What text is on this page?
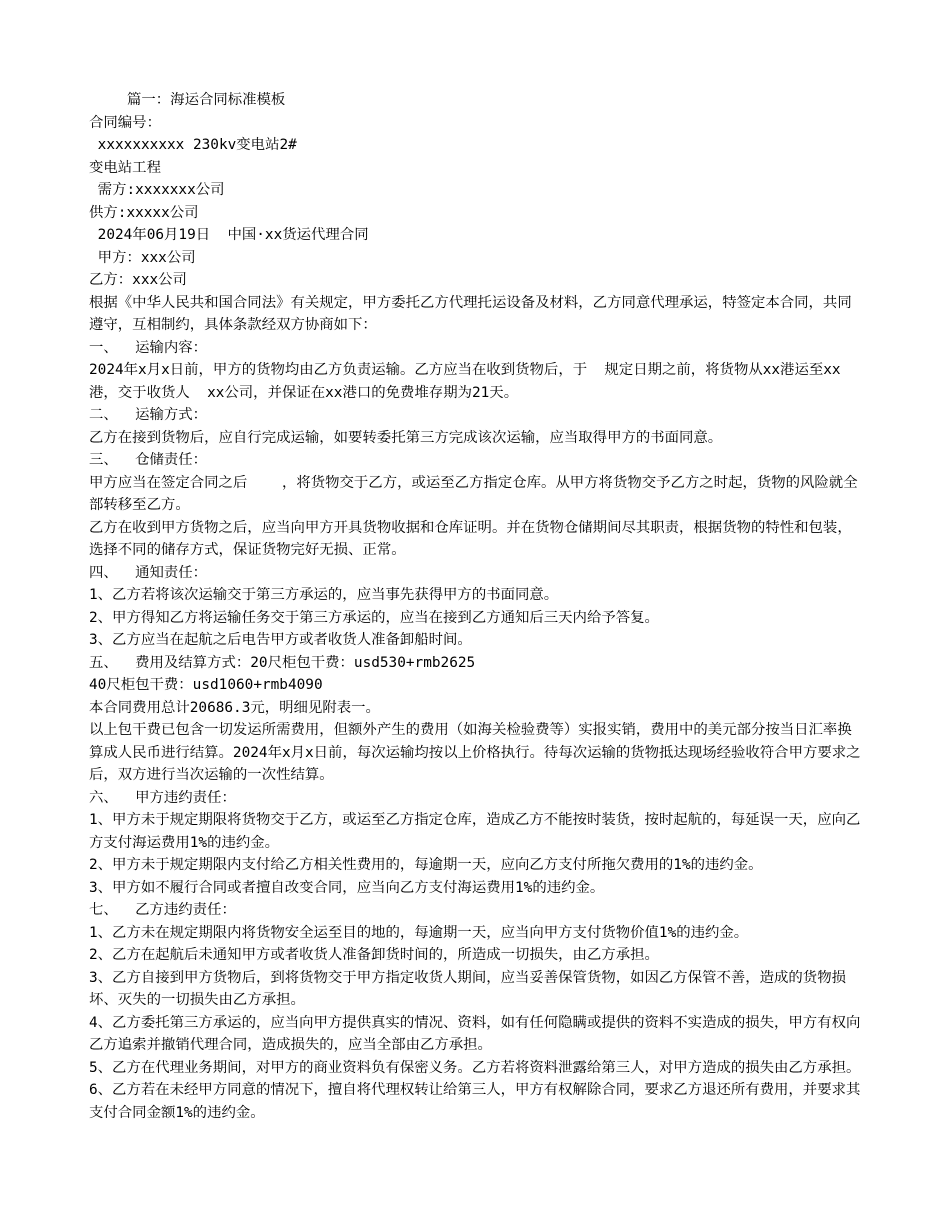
篇一：海运合同标准模板

合同编号：

xxxxxxxxxx 230kv变电站2#

变电站工程

需方:xxxxxxx公司

供方:xxxxx公司

2024年06月19日  中国·xx货运代理合同

甲方：xxx公司

乙方：xxx公司

根据《中华人民共和国合同法》有关规定，甲方委托乙方代理托运设备及材料，乙方同意代理承运，特签定本合同，共同遵守，互相制约，具体条款经双方协商如下：

一、  运输内容：

2024年x月x日前，甲方的货物均由乙方负责运输。乙方应当在收到货物后，于  规定日期之前，将货物从xx港运至xx港，交于收货人  xx公司，并保证在xx港口的免费堆存期为21天。

二、  运输方式：

乙方在接到货物后，应自行完成运输，如要转委托第三方完成该次运输，应当取得甲方的书面同意。

三、  仓储责任：

甲方应当在签定合同之后    ，将货物交于乙方，或运至乙方指定仓库。从甲方将货物交予乙方之时起，货物的风险就全部转移至乙方。

乙方在收到甲方货物之后，应当向甲方开具货物收据和仓库证明。并在货物仓储期间尽其职责，根据货物的特性和包装，选择不同的储存方式，保证货物完好无损、正常。

四、  通知责任：

1、乙方若将该次运输交于第三方承运的，应当事先获得甲方的书面同意。

2、甲方得知乙方将运输任务交于第三方承运的，应当在接到乙方通知后三天内给予答复。

3、乙方应当在起航之后电告甲方或者收货人准备卸船时间。

五、  费用及结算方式：20尺柜包干费：usd530+rmb2625

40尺柜包干费：usd1060+rmb4090

本合同费用总计20686.3元，明细见附表一。

以上包干费已包含一切发运所需费用，但额外产生的费用（如海关检验费等）实报实销，费用中的美元部分按当日汇率换算成人民币进行结算。2024年x月x日前，每次运输均按以上价格执行。待每次运输的货物抵达现场经验收符合甲方要求之后，双方进行当次运输的一次性结算。

六、  甲方违约责任：

1、甲方未于规定期限将货物交于乙方，或运至乙方指定仓库，造成乙方不能按时装货，按时起航的，每延误一天，应向乙方支付海运费用1%的违约金。

2、甲方未于规定期限内支付给乙方相关性费用的，每逾期一天，应向乙方支付所拖欠费用的1%的违约金。

3、甲方如不履行合同或者擅自改变合同，应当向乙方支付海运费用1%的违约金。

七、  乙方违约责任：

1、乙方未在规定期限内将货物安全运至目的地的，每逾期一天，应当向甲方支付货物价值1%的违约金。

2、乙方在起航后未通知甲方或者收货人准备卸货时间的，所造成一切损失，由乙方承担。

3、乙方自接到甲方货物后，到将货物交于甲方指定收货人期间，应当妥善保管货物，如因乙方保管不善，造成的货物损坏、灭失的一切损失由乙方承担。

4、乙方委托第三方承运的，应当向甲方提供真实的情况、资料，如有任何隐瞒或提供的资料不实造成的损失，甲方有权向乙方追索并撤销代理合同，造成损失的，应当全部由乙方承担。

5、乙方在代理业务期间，对甲方的商业资料负有保密义务。乙方若将资料泄露给第三人，对甲方造成的损失由乙方承担。

6、乙方若在未经甲方同意的情况下，擅自将代理权转让给第三人，甲方有权解除合同，要求乙方退还所有费用，并要求其支付合同金额1%的违约金。
